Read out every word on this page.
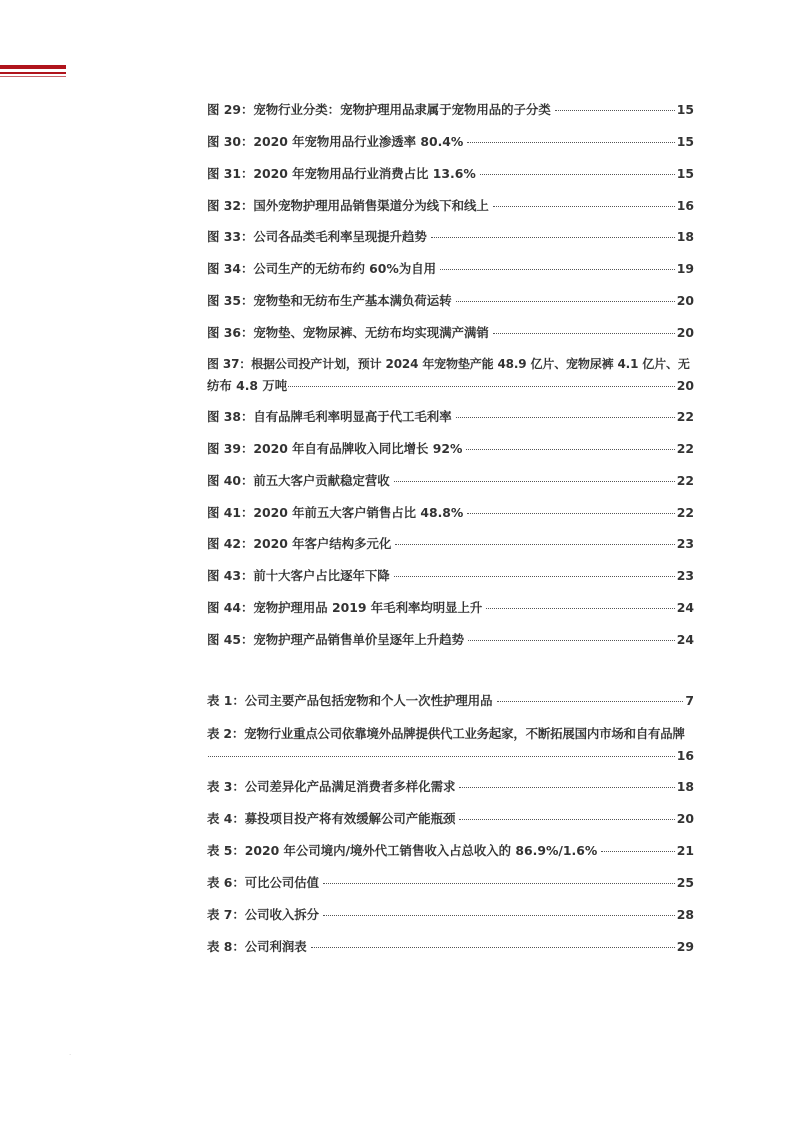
图 29：宠物行业分类：宠物护理用品隶属于宠物用品的子分类	15
图 30：2020 年宠物用品行业渗透率 80.4%	15
图 31：2020 年宠物用品行业消费占比 13.6%	15
图 32：国外宠物护理用品销售渠道分为线下和线上	16
图 33：公司各品类毛利率呈现提升趋势	18
图 34：公司生产的无纺布约 60%为自用	19
图 35：宠物垫和无纺布生产基本满负荷运转	20
图 36：宠物垫、宠物尿裤、无纺布均实现满产满销	20
图 37：根据公司投产计划，预计 2024 年宠物垫产能 48.9 亿片、宠物尿裤 4.1 亿片、无
纺布 4.8 万吨	20
图 38：自有品牌毛利率明显高于代工毛利率	22
图 39：2020 年自有品牌收入同比增长 92%	22
图 40：前五大客户贡献稳定营收	22
图 41：2020 年前五大客户销售占比 48.8%	22
图 42：2020 年客户结构多元化	23
图 43：前十大客户占比逐年下降	23
图 44：宠物护理用品 2019 年毛利率均明显上升	24
图 45：宠物护理产品销售单价呈逐年上升趋势	24
表 1：公司主要产品包括宠物和个人一次性护理用品	7
表 2：宠物行业重点公司依靠境外品牌提供代工业务起家，不断拓展国内市场和自有品牌
16
表 3：公司差异化产品满足消费者多样化需求	18
表 4：募投项目投产将有效缓解公司产能瓶颈	20
表 5：2020 年公司境内/境外代工销售收入占总收入的 86.9%/1.6%	21
表 6：可比公司估值	25
表 7：公司收入拆分	28
表 8：公司利润表	29
·
